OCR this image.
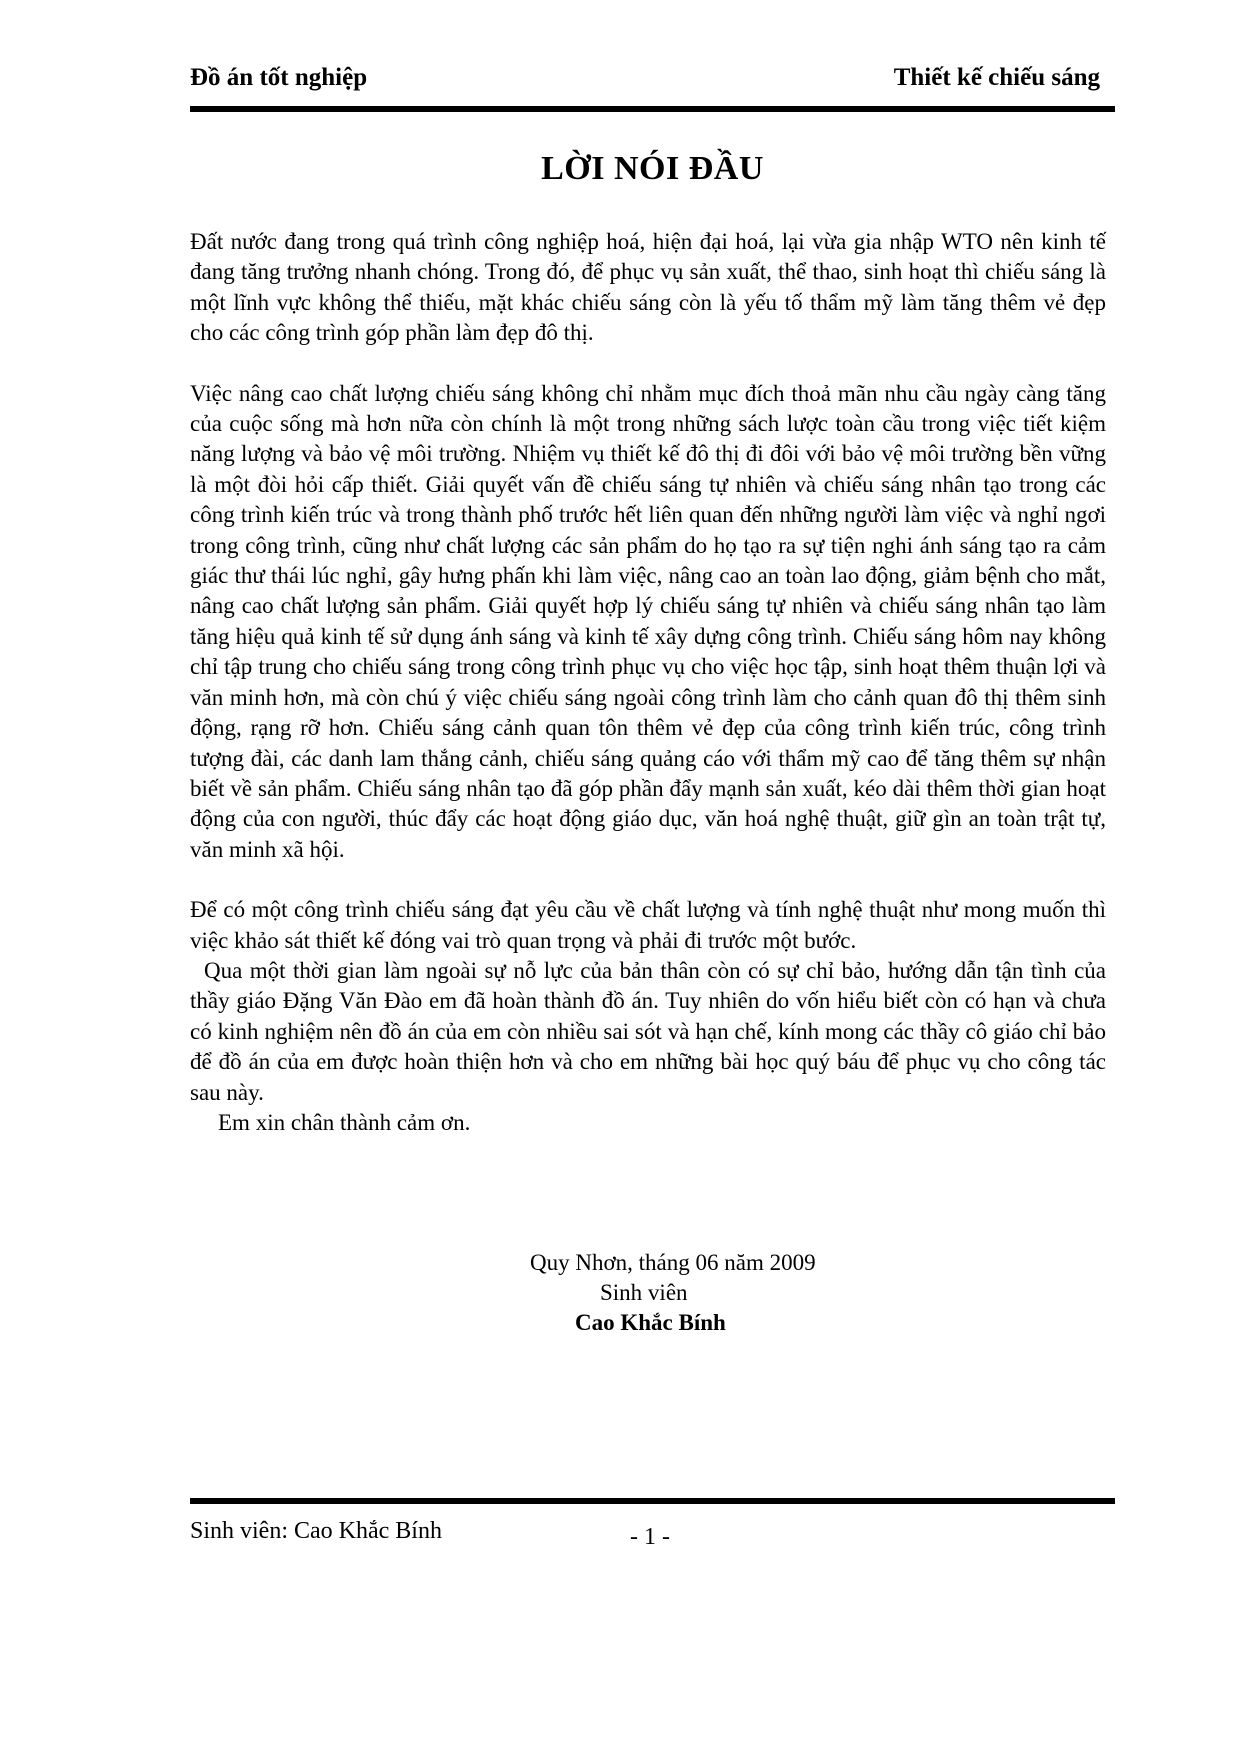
Đồ án tốt nghiệp	Thiết kế chiếu sáng
LỜI NÓI ĐẦU

Đất nước đang trong quá trình công nghiệp hoá, hiện đại hoá, lại vừa gia nhập WTO nên kinh tế đang tăng trưởng nhanh chóng. Trong đó, để phục vụ sản xuất, thể thao, sinh hoạt thì chiếu sáng là một lĩnh vực không thể thiếu, mặt khác chiếu sáng còn là yếu tố thẩm mỹ làm tăng thêm vẻ đẹp cho các công trình góp phần làm đẹp đô thị.

Việc nâng cao chất lượng chiếu sáng không chỉ nhằm mục đích thoả mãn nhu cầu ngày càng tăng của cuộc sống mà hơn nữa còn chính là một trong những sách lược toàn cầu trong việc tiết kiệm năng lượng và bảo vệ môi trường. Nhiệm vụ thiết kế đô thị đi đôi với bảo vệ môi trường bền vững là một đòi hỏi cấp thiết. Giải quyết vấn đề chiếu sáng tự nhiên và chiếu sáng nhân tạo trong các công trình kiến trúc và trong thành phố trước hết liên quan đến những người làm việc và nghỉ ngơi trong công trình, cũng như chất lượng các sản phẩm do họ tạo ra sự tiện nghi ánh sáng tạo ra cảm giác thư thái lúc nghỉ, gây hưng phấn khi làm việc, nâng cao an toàn lao động, giảm bệnh cho mắt, nâng cao chất lượng sản phẩm. Giải quyết hợp lý chiếu sáng tự nhiên và chiếu sáng nhân tạo làm tăng hiệu quả kinh tế sử dụng ánh sáng và kinh tế xây dựng công trình. Chiếu sáng hôm nay không chỉ tập trung cho chiếu sáng trong công trình phục vụ cho việc học tập, sinh hoạt thêm thuận lợi và văn minh hơn, mà còn chú ý việc chiếu sáng ngoài công trình làm cho cảnh quan đô thị thêm sinh động, rạng rỡ hơn. Chiếu sáng cảnh quan tôn thêm vẻ đẹp của công trình kiến trúc, công trình tượng đài, các danh lam thắng cảnh, chiếu sáng quảng cáo với thẩm mỹ cao để tăng thêm sự nhận biết về sản phẩm. Chiếu sáng nhân tạo đã góp phần đẩy mạnh sản xuất, kéo dài thêm thời gian hoạt động của con người, thúc đẩy các hoạt động giáo dục, văn hoá nghệ thuật, giữ gìn an toàn trật tự, văn minh xã hội.

Để có một công trình chiếu sáng đạt yêu cầu về chất lượng và tính nghệ thuật như mong muốn thì việc khảo sát thiết kế đóng vai trò quan trọng và phải đi trước một bước.

Qua một thời gian làm ngoài sự nỗ lực của bản thân còn có sự chỉ bảo, hướng dẫn tận tình của thầy giáo Đặng Văn Đào em đã hoàn thành đồ án. Tuy nhiên do vốn hiểu biết còn có hạn và chưa có kinh nghiệm nên đồ án của em còn nhiều sai sót và hạn chế, kính mong các thầy cô giáo chỉ bảo để đồ án của em được hoàn thiện hơn và cho em những bài học quý báu để phục vụ cho công tác sau này.

Em xin chân thành cảm ơn.

Quy Nhơn, tháng 06 năm 2009
Sinh viên
Cao Khắc Bính
Sinh viên: Cao Khắc Bính	- 1 -
